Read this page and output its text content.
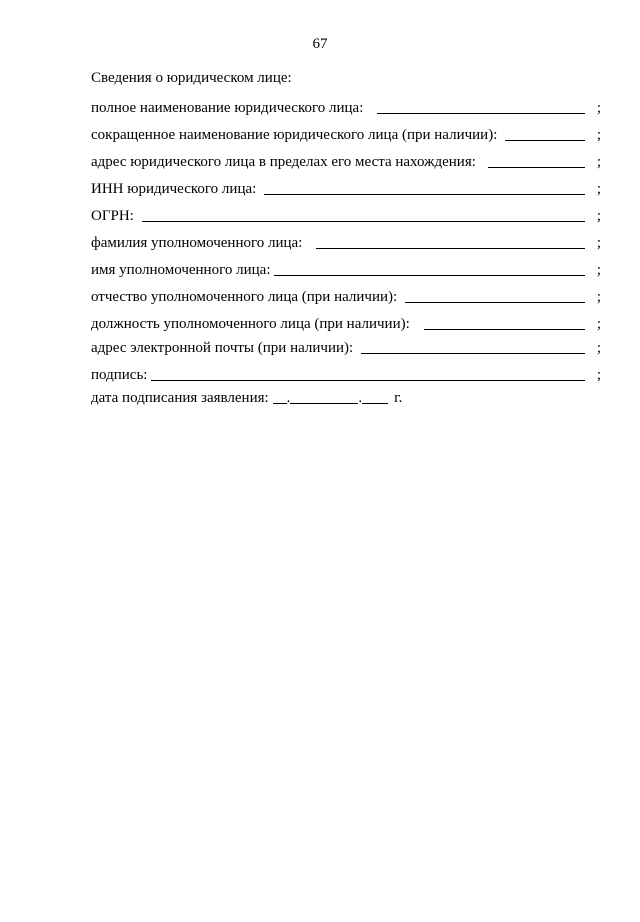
67
Сведения о юридическом лице:
полное наименование юридического лица:	;
сокращенное наименование юридического лица (при наличии):	;
адрес юридического лица в пределах его места нахождения:	;
ИНН юридического лица:	;
ОГРН:	;
фамилия уполномоченного лица:	;
имя уполномоченного лица:	;
отчество уполномоченного лица (при наличии):	;
должность уполномоченного лица (при наличии):	;
адрес электронной почты (при наличии):	;
подпись:	;
дата подписания заявления: .	. г.
